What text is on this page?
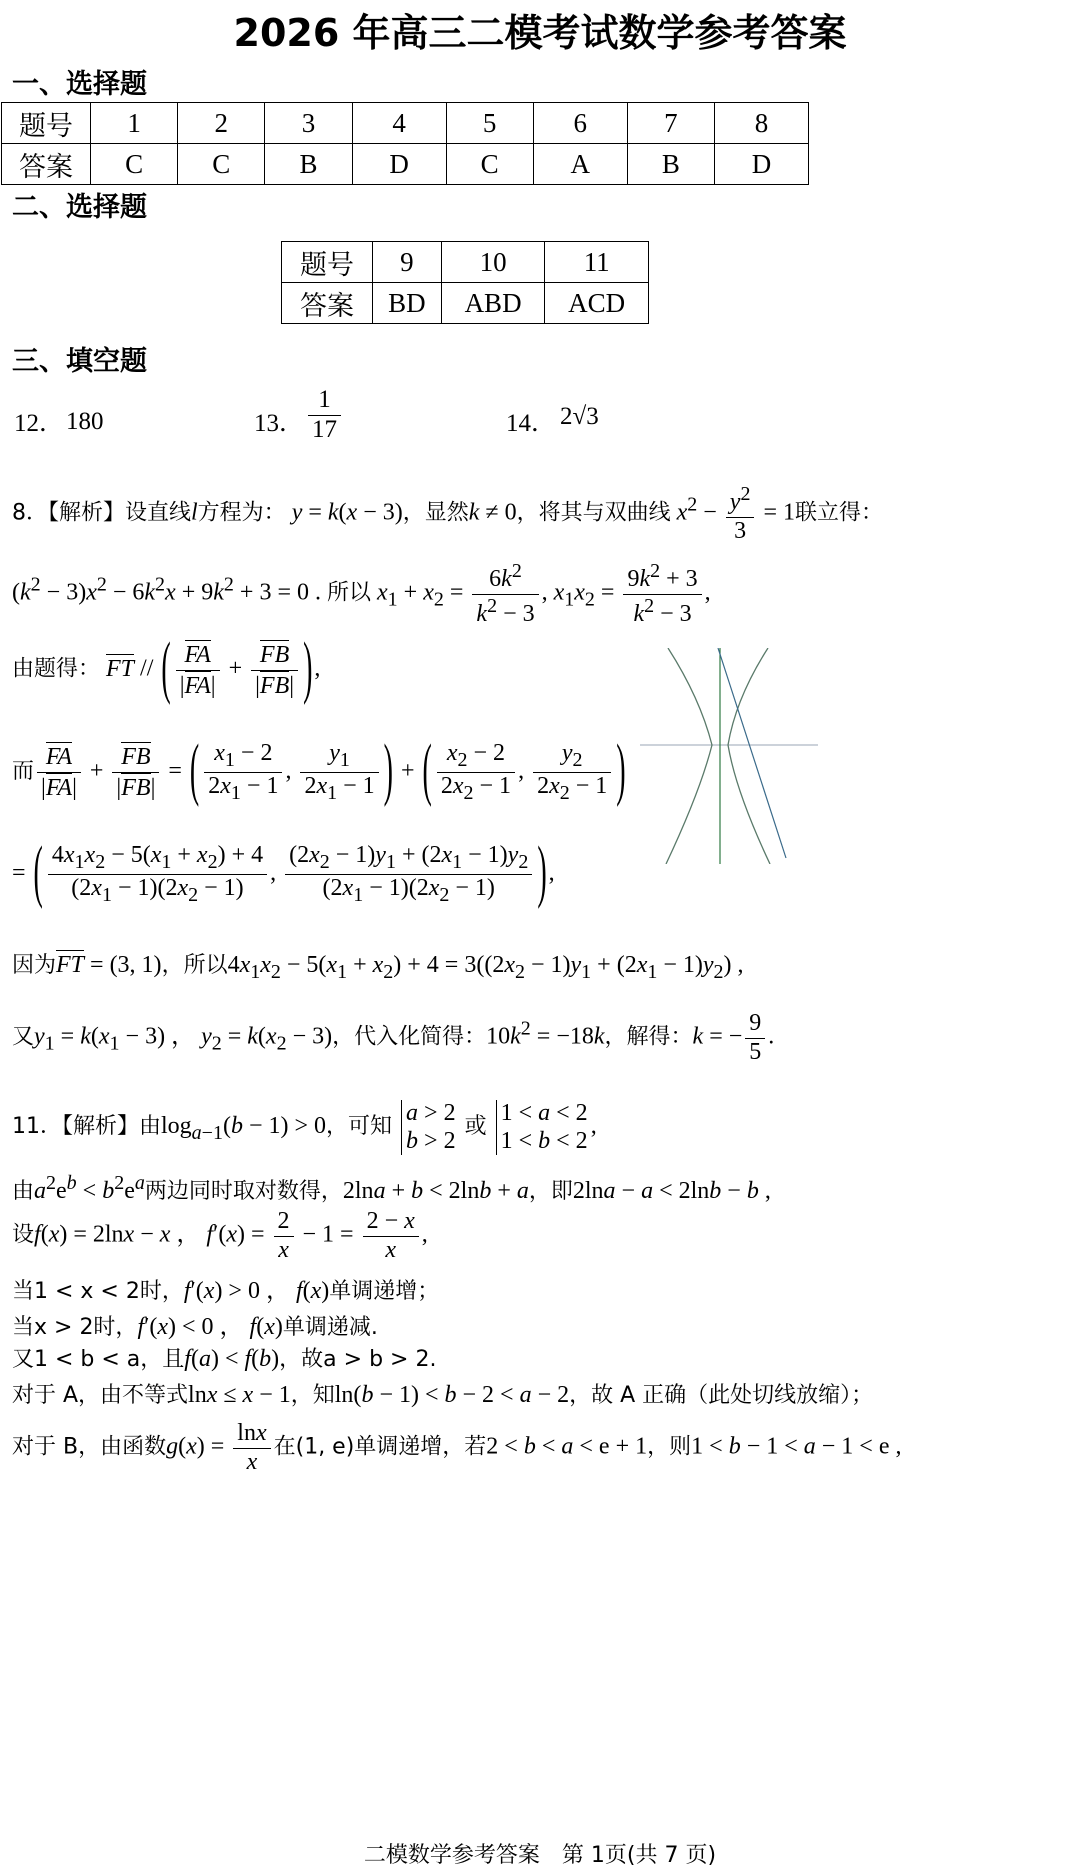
2026 年高三二模考试数学参考答案
一、选择题
题号	1	2	3	4	5	6	7	8
答案	C	C	B	D	C	A	B	D
二、选择题
题号	9	10	11
答案	BD	ABD	ACD
三、填空题
12． 180	13． $\frac{1}{17}$	14． 2√3
8．【解析】设直线l方程为： y = k(x − 3)，显然k ≠ 0，将其与双曲线 $x^2 - \frac{y^2}{3} = 1$联立得：
$(k^2 - 3)x^2 - 6k^2x + 9k^2 + 3 = 0$ . 所以 $x_1 + x_2 = \frac{6k^2}{k^2 - 3}$ , $x_1x_2 = \frac{9k^2 + 3}{k^2 - 3}$ ,
由题得： FT // ( $\frac{FA}{|FA|} + \frac{FB}{|FB|}$ ),
而 $\frac{FA}{|FA|} + \frac{FB}{|FB|}$ = ( $\frac{x_1 - 2}{2x_1 - 1}$ , $\frac{y_1}{2x_1 - 1}$ ) + ( $\frac{x_2 - 2}{2x_2 - 1}$ , $\frac{y_2}{2x_2 - 1}$ )
= ( $\frac{4x_1x_2 - 5(x_1 + x_2) + 4}{(2x_1 - 1)(2x_2 - 1)}$ , $\frac{(2x_2 - 1)y_1 + (2x_1 - 1)y_2}{(2x_1 - 1)(2x_2 - 1)}$ ),
因为FT = (3, 1)，所以$4x_1x_2 - 5(x_1 + x_2) + 4 = 3((2x_2 - 1)y_1 + (2x_1 - 1)y_2)$ ,
又$y_1 = k(x_1 - 3)$ ， $y_2 = k(x_2 - 3)$，代入化简得：$10k^2 = -18k$，解得：k = − $\frac{9}{5}$ .
11．【解析】由$\log_{a-1}(b - 1) > 0$，可知
a > 2
b > 2
或
1 < a < 2
1 < b < 2
,
由$a^2e^b < b^2e^a$两边同时取对数得，2lna + b < 2lnb + a，即2lna − a < 2lnb − b ,
设f(x) = 2lnx − x ， $f'(x) = \frac{2}{x} - 1 = \frac{2 - x}{x}$ ,
当1 < x < 2时，f′(x) > 0 ， f(x)单调递增；
当x > 2时，f′(x) < 0 ， f(x)单调递减.
又1 < b < a，且f(a) < f(b)，故a > b > 2.
对于 A，由不等式lnx ≤ x − 1，知ln(b − 1) < b − 2 < a − 2，故 A 正确（此处切线放缩）；
对于 B，由函数$g(x) = \frac{\ln x}{x}$ 在(1, e)单调递增，若2 < b < a < e + 1，则1 < b − 1 < a − 1 < e ,
二模数学参考答案　第 1页(共 7 页)
